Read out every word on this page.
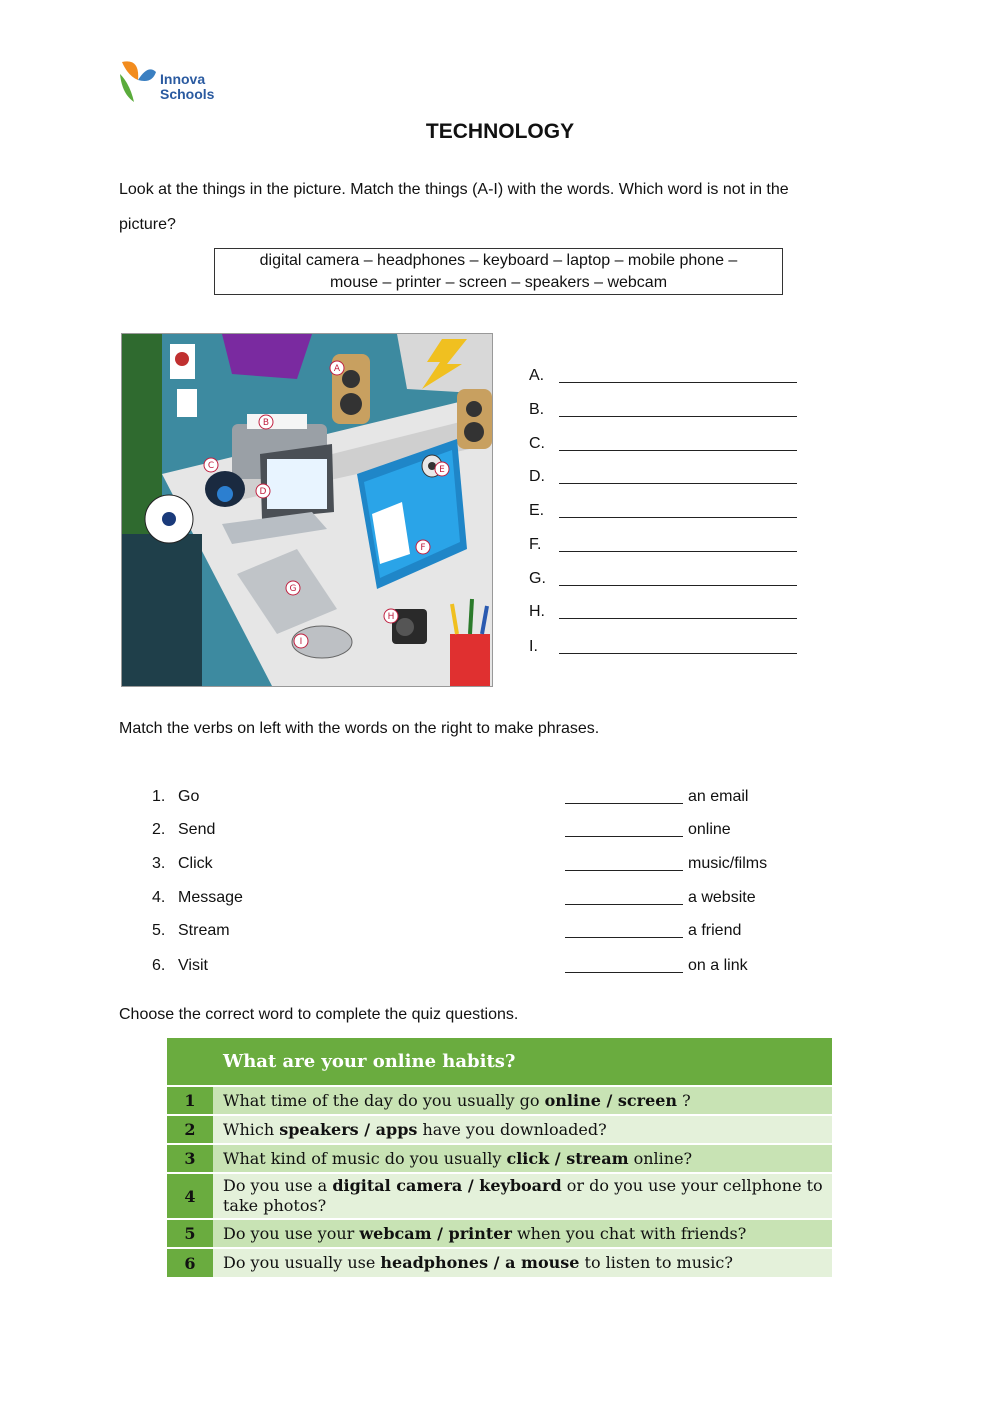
Innova
Schools
TECHNOLOGY
Look at the things in the picture. Match the things (A-I) with the words. Which word is not in the
picture?
digital camera – headphones – keyboard – laptop – mobile phone –
mouse – printer – screen – speakers – webcam
A
B
C
D
E
F
G
H
I
A.
B.
C.
D.
E.
F.
G.
H.
I.
Match the verbs on left with the words on the right to make phrases.
1. Go	an email
2. Send	online
3. Click	music/films
4. Message	a website
5. Stream	a friend
6. Visit	on a link
Choose the correct word to complete the quiz questions.
	What are your online habits?
1	What time of the day do you usually go online / screen ?
2	Which speakers / apps have you downloaded?
3	What kind of music do you usually click / stream online?
4	Do you use a digital camera / keyboard or do you use your cellphone to take photos?
5	Do you use your webcam / printer when you chat with friends?
6	Do you usually use headphones / a mouse to listen to music?
